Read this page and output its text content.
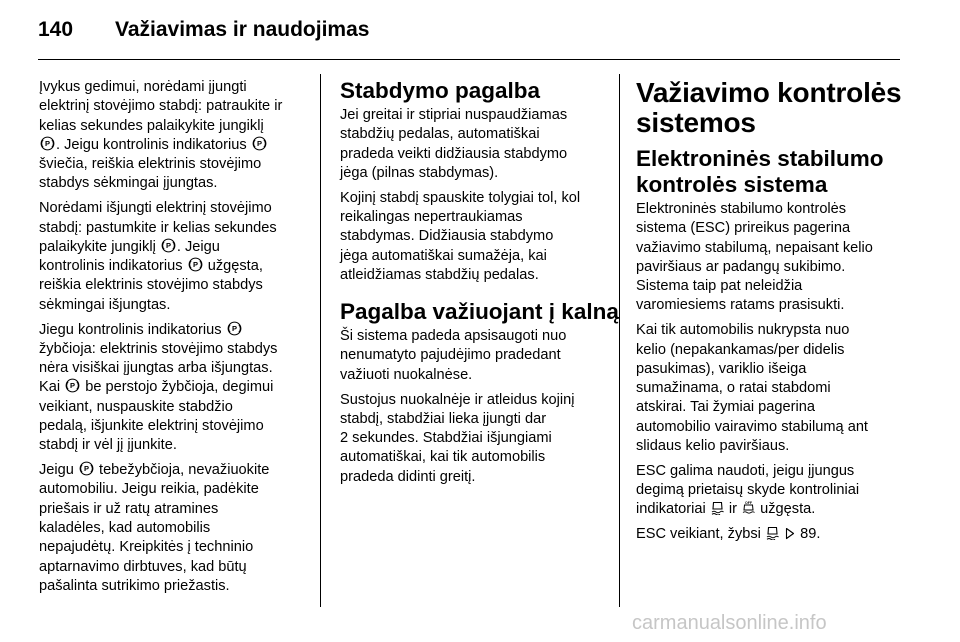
140 Važiavimas ir naudojimas

Įvykus gedimui, norėdami įjungti
elektrinį stovėjimo stabdį: patraukite ir
kelias sekundes palaikykite jungiklį
P . Jeigu kontrolinis indikatorius P
šviečia, reiškia elektrinis stovėjimo
stabdys sėkmingai įjungtas.

Norėdami išjungti elektrinį stovėjimo
stabdį: pastumkite ir kelias sekundes
palaikykite jungiklį P . Jeigu
kontrolinis indikatorius P užgęsta,
reiškia elektrinis stovėjimo stabdys
sėkmingai išjungtas.

Jiegu kontrolinis indikatorius P
žybčioja: elektrinis stovėjimo stabdys
nėra visiškai įjungtas arba išjungtas.
Kai P be perstojo žybčioja, degimui
veikiant, nuspauskite stabdžio
pedalą, išjunkite elektrinį stovėjimo
stabdį ir vėl jį įjunkite.

Jeigu P tebežybčioja, nevažiuokite
automobiliu. Jeigu reikia, padėkite
priešais ir už ratų atramines
kaladėles, kad automobilis
nepajudėtų. Kreipkitės į techninio
aptarnavimo dirbtuves, kad būtų
pašalinta sutrikimo priežastis.

Stabdymo pagalba

Jei greitai ir stipriai nuspaudžiamas
stabdžių pedalas, automatiškai
pradeda veikti didžiausia stabdymo
jėga (pilnas stabdymas).

Kojinį stabdį spauskite tolygiai tol, kol
reikalingas nepertraukiamas
stabdymas. Didžiausia stabdymo
jėga automatiškai sumažėja, kai
atleidžiamas stabdžių pedalas.

Pagalba važiuojant į kalną

Ši sistema padeda apsisaugoti nuo
nenumatyto pajudėjimo pradedant
važiuoti nuokalnėse.

Sustojus nuokalnėje ir atleidus kojinį
stabdį, stabdžiai lieka įjungti dar
2 sekundes. Stabdžiai išjungiami
automatiškai, kai tik automobilis
pradeda didinti greitį.

Važiavimo kontrolės
sistemos
Elektroninės stabilumo
kontrolės sistema

Elektroninės stabilumo kontrolės
sistema (ESC) prireikus pagerina
važiavimo stabilumą, nepaisant kelio
paviršiaus ar padangų sukibimo.
Sistema taip pat neleidžia
varomiesiems ratams prasisukti.

Kai tik automobilis nukrypsta nuo
kelio (nepakankamas/per didelis
pasukimas), variklio išeiga
sumažinama, o ratai stabdomi
atskirai. Tai žymiai pagerina
automobilio vairavimo stabilumą ant
slidaus kelio paviršiaus.

ESC galima naudoti, jeigu įjungus
degimą prietaisų skyde kontroliniai
indikatoriai ir OFF užgęsta.

ESC veikiant, žybsi	89.

carmanualsonline.info
